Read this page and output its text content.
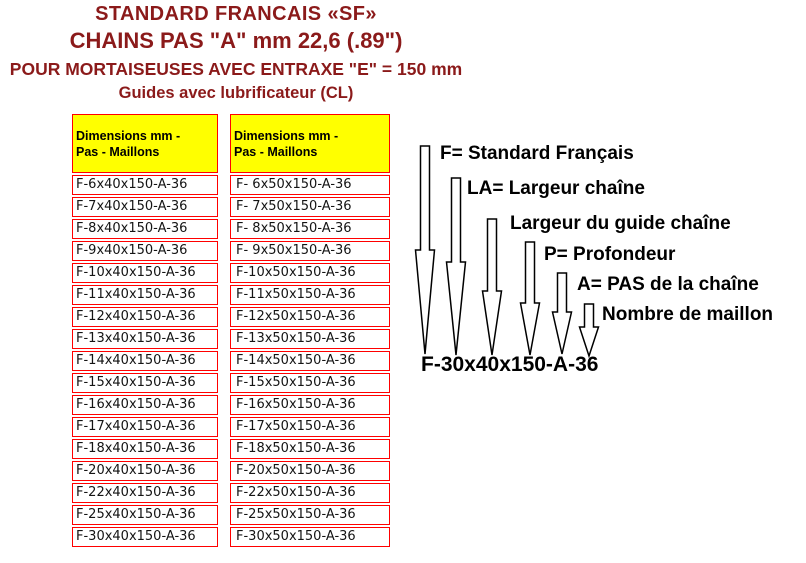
STANDARD FRANCAIS «SF»
CHAINS PAS "A" mm 22,6 (.89")
POUR MORTAISEUSES AVEC ENTRAXE "E" = 150 mm
Guides avec lubrificateur (CL)
Dimensions mm -
Pas - Maillons

F-6x40x150-A-36
F-7x40x150-A-36
F-8x40x150-A-36
F-9x40x150-A-36
F-10x40x150-A-36
F-11x40x150-A-36
F-12x40x150-A-36
F-13x40x150-A-36
F-14x40x150-A-36
F-15x40x150-A-36
F-16x40x150-A-36
F-17x40x150-A-36
F-18x40x150-A-36
F-20x40x150-A-36
F-22x40x150-A-36
F-25x40x150-A-36
F-30x40x150-A-36
Dimensions mm -
Pas - Maillons

F- 6x50x150-A-36
F- 7x50x150-A-36
F- 8x50x150-A-36
F- 9x50x150-A-36
F-10x50x150-A-36
F-11x50x150-A-36
F-12x50x150-A-36
F-13x50x150-A-36
F-14x50x150-A-36
F-15x50x150-A-36
F-16x50x150-A-36
F-17x50x150-A-36
F-18x50x150-A-36
F-20x50x150-A-36
F-22x50x150-A-36
F-25x50x150-A-36
F-30x50x150-A-36
F= Standard Français
LA= Largeur chaîne
Largeur du guide chaîne
P= Profondeur
A= PAS de la chaîne
Nombre de maillon
F-30x40x150-A-36
